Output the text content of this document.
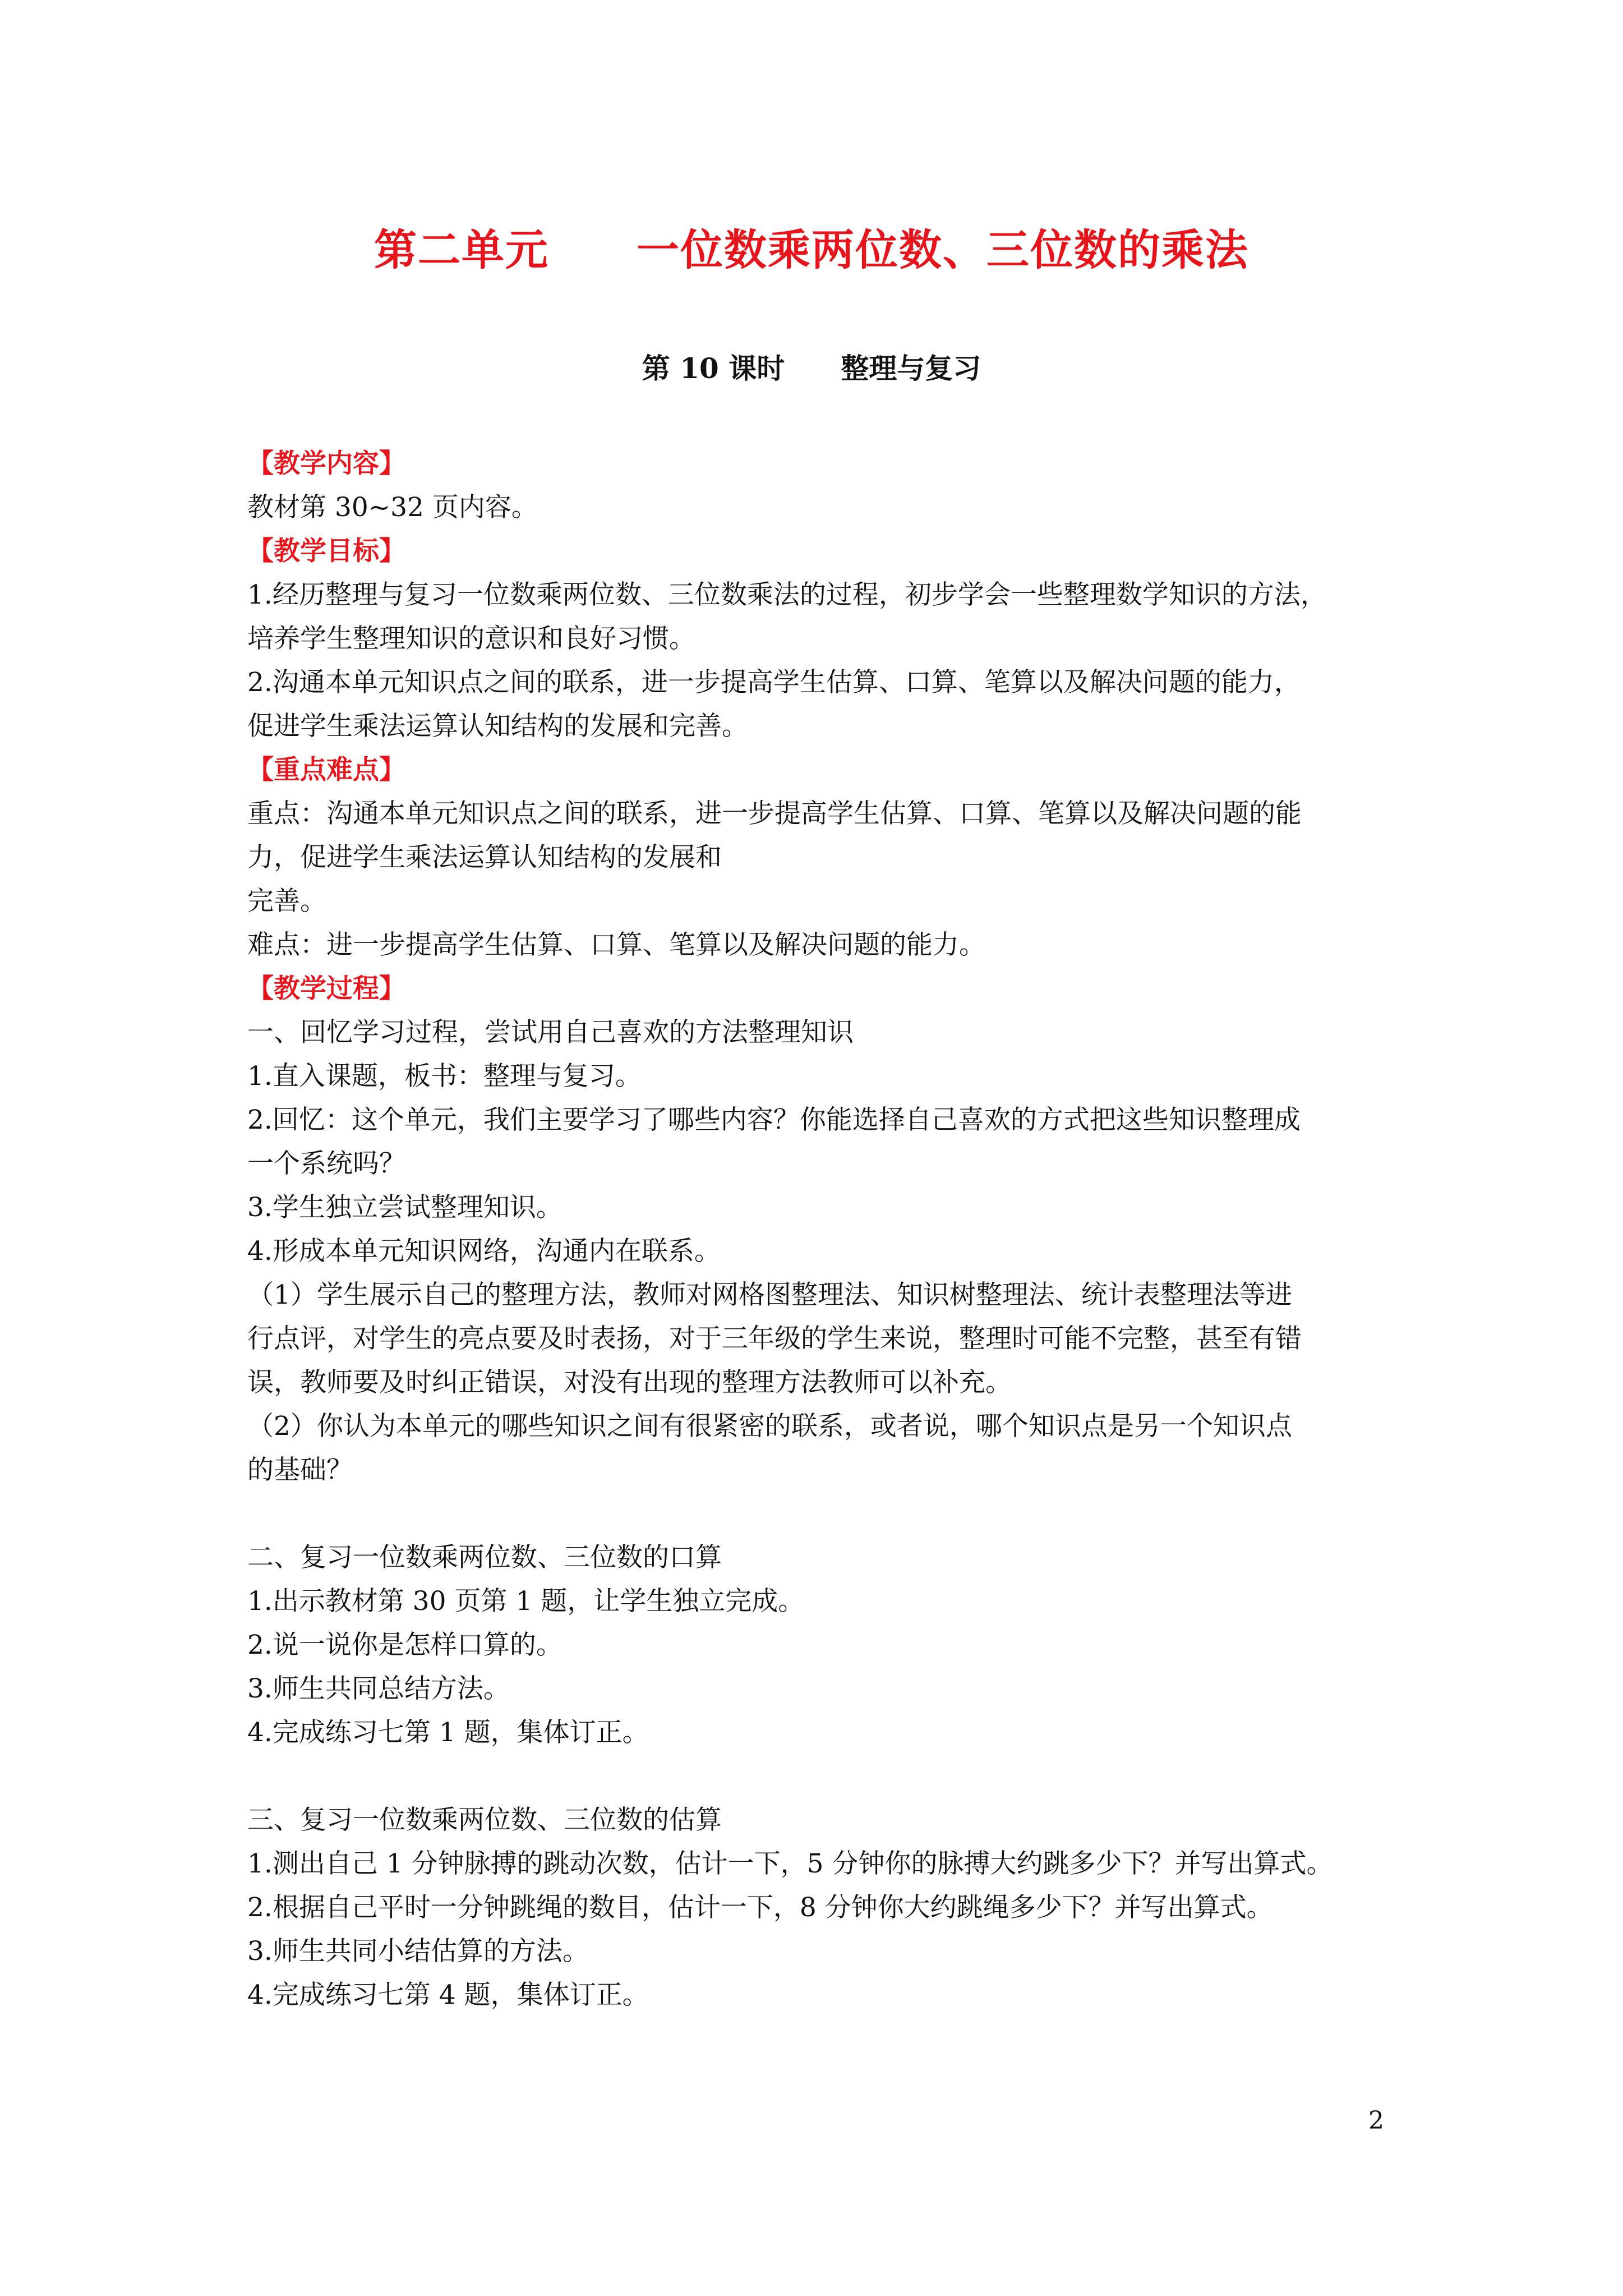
第二单元　　一位数乘两位数、三位数的乘法
第 10 课时　　整理与复习
【教学内容】
教材第 30~32 页内容。
【教学目标】
1.经历整理与复习一位数乘两位数、三位数乘法的过程，初步学会一些整理数学知识的方法，
培养学生整理知识的意识和良好习惯。
2.沟通本单元知识点之间的联系，进一步提高学生估算、口算、笔算以及解决问题的能力，
促进学生乘法运算认知结构的发展和完善。
【重点难点】
重点：沟通本单元知识点之间的联系，进一步提高学生估算、口算、笔算以及解决问题的能
力，促进学生乘法运算认知结构的发展和
完善。
难点：进一步提高学生估算、口算、笔算以及解决问题的能力。
【教学过程】
一、回忆学习过程，尝试用自己喜欢的方法整理知识
1.直入课题，板书：整理与复习。
2.回忆：这个单元，我们主要学习了哪些内容？你能选择自己喜欢的方式把这些知识整理成
一个系统吗？
3.学生独立尝试整理知识。
4.形成本单元知识网络，沟通内在联系。
（1）学生展示自己的整理方法，教师对网格图整理法、知识树整理法、统计表整理法等进
行点评，对学生的亮点要及时表扬，对于三年级的学生来说，整理时可能不完整，甚至有错
误，教师要及时纠正错误，对没有出现的整理方法教师可以补充。
（2）你认为本单元的哪些知识之间有很紧密的联系，或者说，哪个知识点是另一个知识点
的基础？
二、复习一位数乘两位数、三位数的口算
1.出示教材第 30 页第 1 题，让学生独立完成。
2.说一说你是怎样口算的。
3.师生共同总结方法。
4.完成练习七第 1 题，集体订正。
三、复习一位数乘两位数、三位数的估算
1.测出自己 1 分钟脉搏的跳动次数，估计一下，5 分钟你的脉搏大约跳多少下？并写出算式。
2.根据自己平时一分钟跳绳的数目，估计一下，8 分钟你大约跳绳多少下？并写出算式。
3.师生共同小结估算的方法。
4.完成练习七第 4 题，集体订正。
2
